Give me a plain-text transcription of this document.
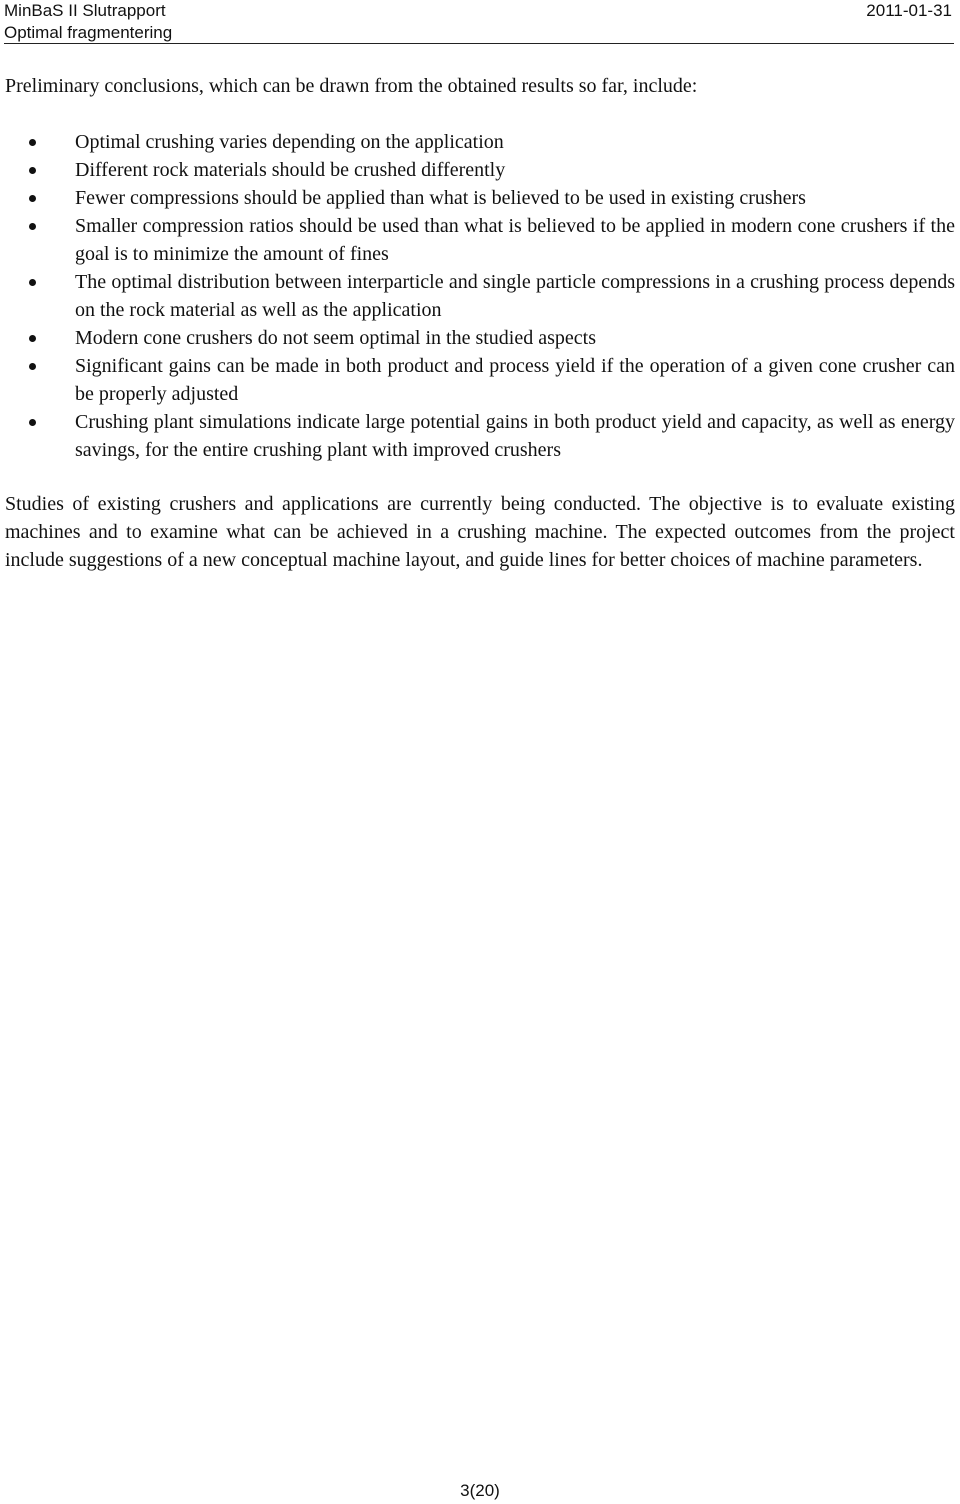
MinBaS II Slutrapport
Optimal fragmentering
2011-01-31

Preliminary conclusions, which can be drawn from the obtained results so far, include:

Optimal crushing varies depending on the application
Different rock materials should be crushed differently
Fewer compressions should be applied than what is believed to be used in existing crushers
Smaller compression ratios should be used than what is believed to be applied in modern cone crushers if the goal is to minimize the amount of fines
The optimal distribution between interparticle and single particle compressions in a crushing process depends on the rock material as well as the application
Modern cone crushers do not seem optimal in the studied aspects
Significant gains can be made in both product and process yield if the operation of a given cone crusher can be properly adjusted
Crushing plant simulations indicate large potential gains in both product yield and capacity, as well as energy savings, for the entire crushing plant with improved crushers

Studies of existing crushers and applications are currently being conducted. The objective is to evaluate existing machines and to examine what can be achieved in a crushing machine. The expected outcomes from the project include suggestions of a new conceptual machine layout, and guide lines for better choices of machine parameters.

3(20)
